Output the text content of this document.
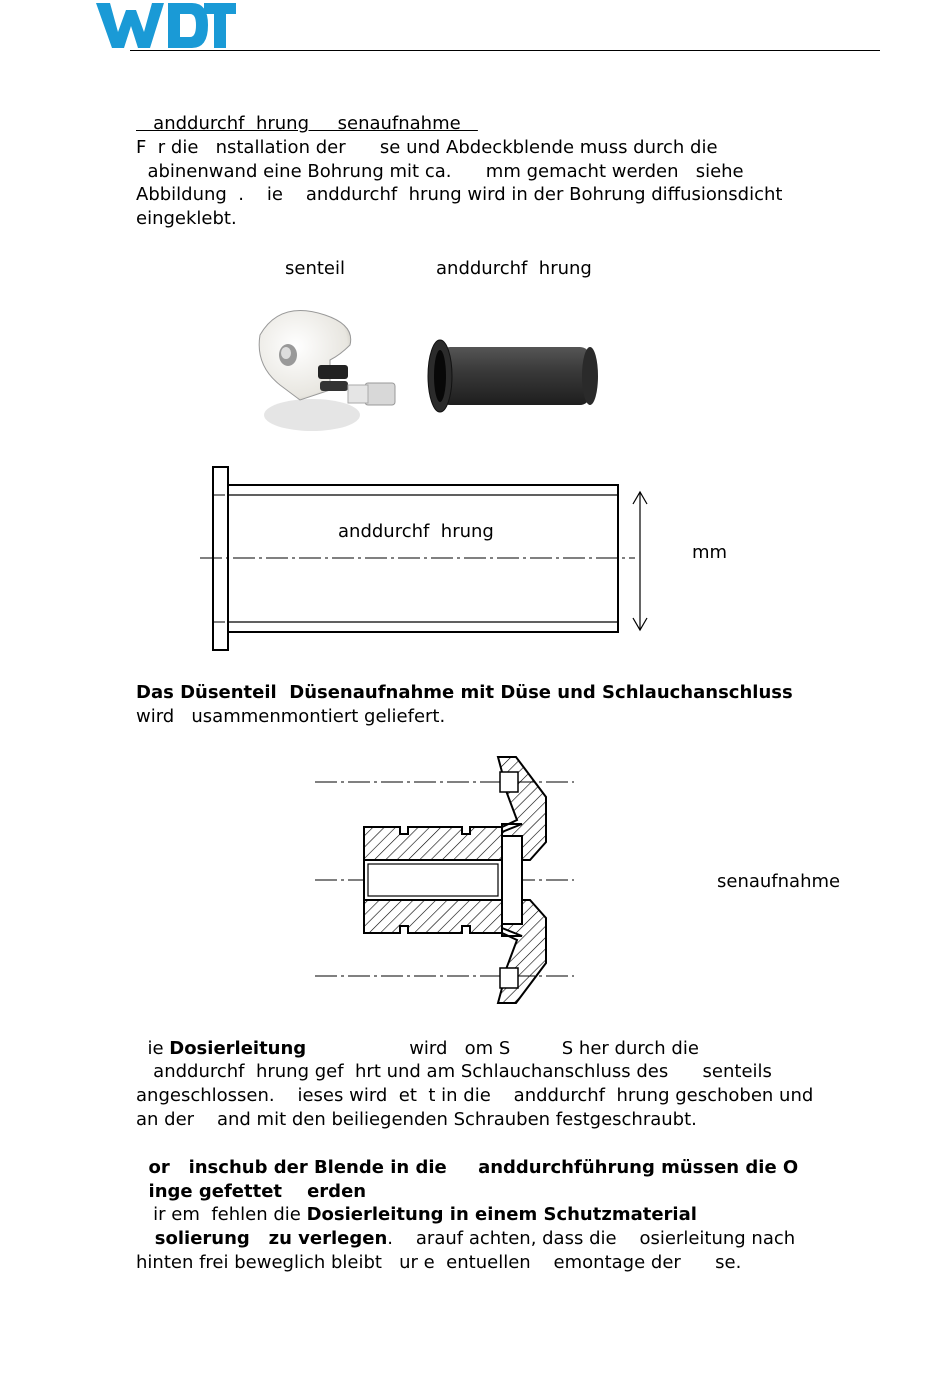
anddurchf  hrung     senaufnahme
F  r die   nstallation der      se und Abdeckblende muss durch die
abinenwand eine Bohrung mit ca.      mm gemacht werden   siehe
Abbildung  .    ie    anddurchf  hrung wird in der Bohrung diffusionsdicht
eingeklebt.
senteil	anddurchf  hrung
anddurchf  hrung
mm
Das Düsenteil  Düsenaufnahme mit Düse und Schlauchanschluss
wird   usammenmontiert geliefert.
senaufnahme
ie Dosierleitung                  wird   om S         S her durch die
anddurchf  hrung gef  hrt und am Schlauchanschluss des      senteils
angeschlossen.    ieses wird  et  t in die    anddurchf  hrung geschoben und
an der    and mit den beiliegenden Schrauben festgeschraubt.
or   inschub der Blende in die     anddurchführung müssen die O
inge gefettet    erden
ir em  fehlen die Dosierleitung in einem Schutzmaterial
solierung   zu verlegen.    arauf achten, dass die    osierleitung nach
hinten frei beweglich bleibt   ur e  entuellen    emontage der      se.
